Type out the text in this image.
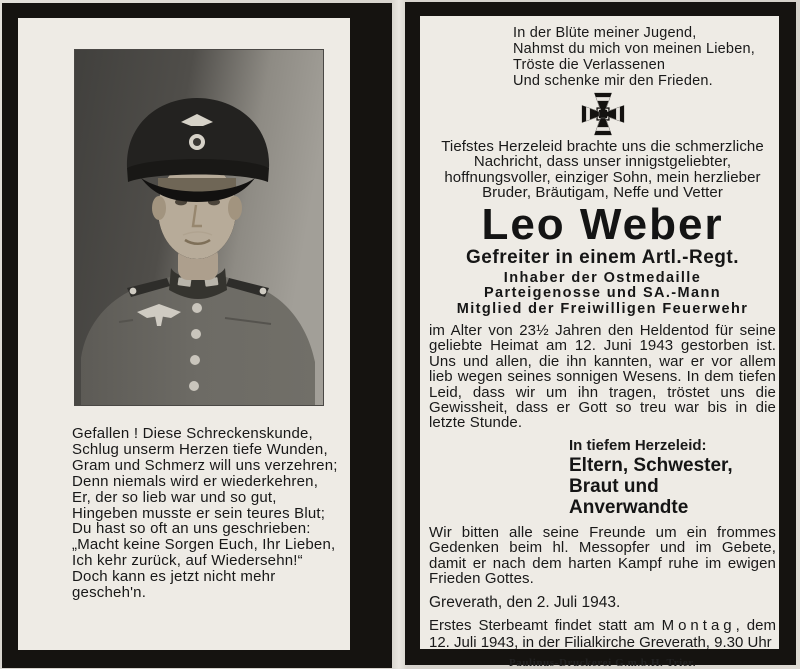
Gefallen ! Diese Schreckenskunde,
Schlug unserm Herzen tiefe Wunden,
Gram und Schmerz will uns verzehren;
Denn niemals wird er wiederkehren,
Er, der so lieb war und so gut,
Hingeben musste er sein teures Blut;
Du hast so oft an uns geschrieben:
„Macht keine Sorgen Euch, Ihr Lieben,
Ich kehr zurück, auf Wiedersehn!“
Doch kann es jetzt nicht mehr gescheh'n.
In der Blüte meiner Jugend,
Nahmst du mich von meinen Lieben,
Tröste die Verlassenen
Und schenke mir den Frieden.
Tiefstes Herzeleid brachte uns die schmerzliche Nachricht, dass unser innigstgeliebter, hoffnungsvoller, einziger Sohn, mein herzlieber Bruder, Bräutigam, Neffe und Vetter
Leo Weber
Gefreiter in einem Artl.-Regt.
Inhaber der Ostmedaille
Parteigenosse und SA.-Mann
Mitglied der Freiwilligen Feuerwehr
im Alter von 23½ Jahren den Heldentod für seine geliebte Heimat am 12. Juni 1943 gestorben ist. Uns und allen, die ihn kannten, war er vor allem lieb wegen seines sonnigen Wesens. In dem tiefen Leid, dass wir um ihn tragen, tröstet uns die Gewissheit, dass er Gott so treu war bis in die letzte Stunde.
In tiefem Herzeleid:
Eltern, Schwester,
Braut und Anverwandte
Wir bitten alle seine Freunde um ein frommes Gedenken beim hl. Messopfer und im Gebete, damit er nach dem harten Kampf ruhe im ewigen Frieden Gottes.
Greverath, den 2. Juli 1943.
Erstes Sterbeamt findet statt am Montag, dem 12. Juli 1943, in der Filialkirche Greverath, 9.30 Uhr
Paulinus-Druckerei G.m.b.H. Trier.
